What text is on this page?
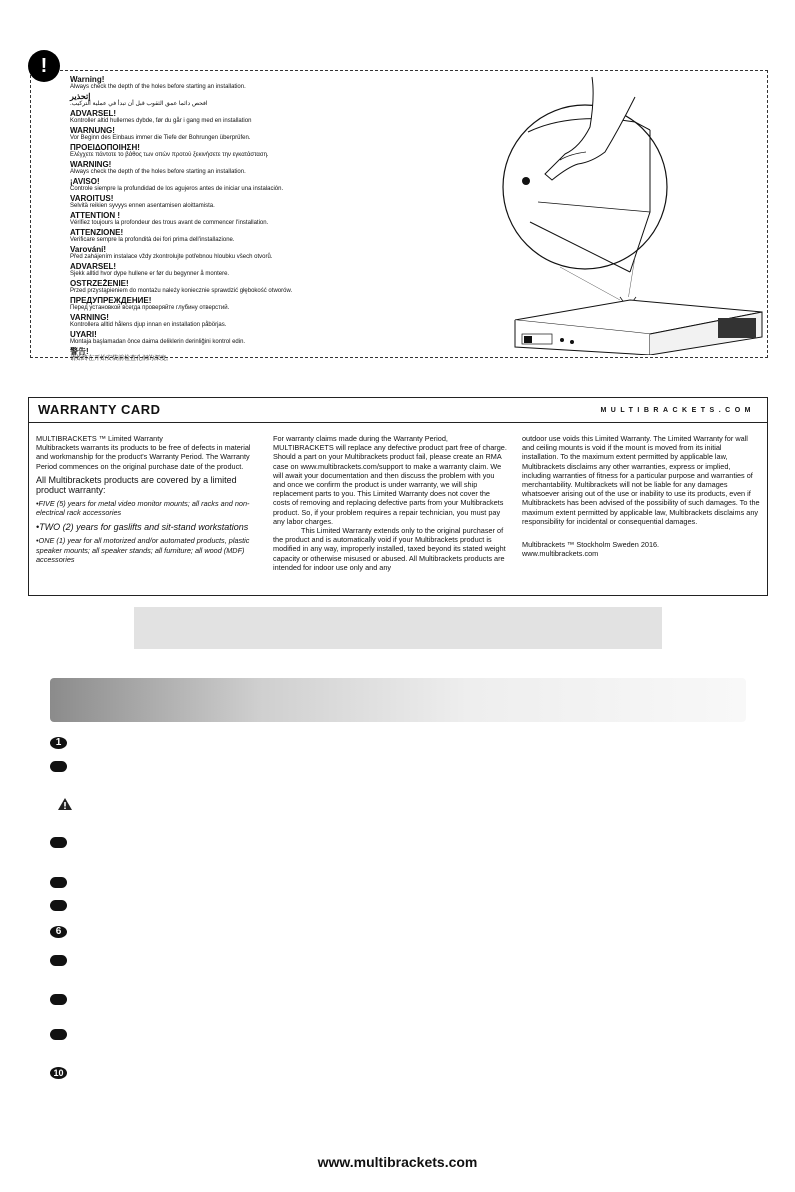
!
Warning!
Always check the depth of the holes before starting an installation.
إتحذير
افحص دائما عمق الثقوب قبل أن تبدأ في عملية التركيب.
ADVARSEL!
Kontroller altid hullernes dybde, før du går i gang med en installation
WARNUNG!
Vor Beginn des Einbaus immer die Tiefe der Bohrungen überprüfen.
ΠΡΟΕΙΔΟΠΟΙΗΣΗ!
Ελέγχετε πάντοτε το βάθος των οπών προτού ξεκινήσετε την εγκατάσταση.
WARNING!
Always check the depth of the holes before starting an installation.
¡AVISO!
Controle siempre la profundidad de los agujeros antes de iniciar una instalación.
VAROITUS!
Selvitä reikien syvyys ennen asentamisen aloittamista.
ATTENTION !
Vérifiez toujours la profondeur des trous avant de commencer l'installation.
ATTENZIONE!
Verificare sempre la profondità dei fori prima dell'installazione.
Varování!
Před zahájením instalace vždy zkontrolujte potřebnou hloubku všech otvorů.
ADVARSEL!
Sjekk alltid hvor dype hullene er før du begynner å montere.
OSTRZEŻENIE!
Przed przystąpieniem do montażu należy koniecznie sprawdzić głębokość otworów.
ПРЕДУПРЕЖДЕНИЕ!
Перед установкой всегда проверяйте глубину отверстий.
VARNING!
Kontrollera alltid hålens djup innan en installation påbörjas.
UYARI!
Montaja başlamadan önce daima deliklerin derinliğini kontrol edin.
警告!
请始终在开始安装前检查孔洞的深度。
WARRANTY CARD	MULTIBRACKETS.COM

MULTIBRACKETS ™ Limited Warranty

Multibrackets warrants its products to be free of defects in material and workmanship for the product's Warranty Period. The Warranty Period commences on the original purchase date of the product.

All Multibrackets products are covered by a limited product warranty:

•FIVE (5) years for metal video monitor mounts; all racks and non-electrical rack accessories

•TWO (2) years for gaslifts and sit-stand workstations

•ONE (1) year for all motorized and/or automated products, plastic speaker mounts; all speaker stands; all furniture; all wood (MDF) accessories

For warranty claims made during the Warranty Period, MULTIBRACKETS will replace any defective product part free of charge. Should a part on your Multibrackets product fail, please create an RMA case on www.multibrackets.com/support to make a warranty claim. We will await your documentation and then discuss the problem with you and once we confirm the product is under warranty, we will ship replacement parts to you. This Limited Warranty does not cover the costs of removing and replacing defective parts from your Multibrackets product. So, if your problem requires a repair technician, you must pay any labor charges.

This Limited Warranty extends only to the original purchaser of the product and is automatically void if your Multibrackets product is modified in any way, improperly installed, taxed beyond its stated weight capacity or otherwise misused or abused. All Multibrackets products are intended for indoor use only and any

outdoor use voids this Limited Warranty. The Limited Warranty for wall and ceiling mounts is void if the mount is moved from its initial installation. To the maximum extent permitted by applicable law, Multibrackets disclaims any other warranties, express or implied, including warranties of fitness for a particular purpose and warranties of merchantability. Multibrackets will not be liable for any damages whatsoever arising out of the use or inability to use its products, even if Multibrackets has been advised of the possibility of such damages. To the maximum extent permitted by applicable law, Multibrackets disclaims any responsibility for incidental or consequential damages.

Multibrackets ™ Stockholm Sweden 2016.

www.multibrackets.com

1
6
10
www.multibrackets.com
